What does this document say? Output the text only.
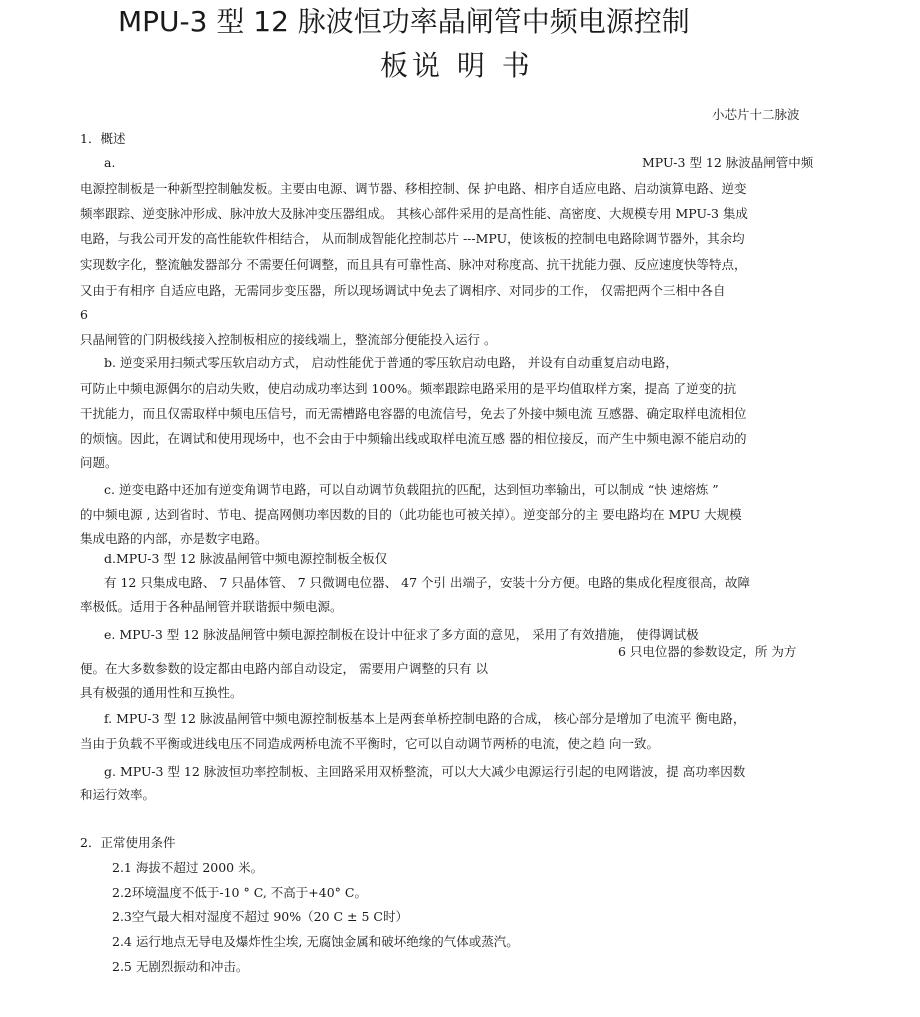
MPU-3 型 12 脉波恒功率晶闸管中频电源控制
板说 明 书
小芯片十二脉波
1．概述
a.	MPU-3 型 12 脉波晶闸管中频
电源控制板是一种新型控制触发板。主要由电源、调节器、移相控制、保 护电路、相序自适应电路、启动演算电路、逆变
频率跟踪、逆变脉冲形成、脉冲放大及脉冲变压器组成。 其核心部件采用的是高性能、高密度、大规模专用 MPU-3 集成
电路，与我公司开发的高性能软件相结合， 从而制成智能化控制芯片 ---MPU，使该板的控制电电路除调节器外，其余均
实现数字化，整流触发器部分 不需要任何调整，而且具有可靠性高、脉冲对称度高、抗干扰能力强、反应速度快等特点，
又由于有相序 自适应电路，无需同步变压器，所以现场调试中免去了调相序、对同步的工作， 仅需把两个三相中各自
6
只晶闸管的门阴极线接入控制板相应的接线端上，整流部分便能投入运行 。
b. 逆变采用扫频式零压软启动方式， 启动性能优于普通的零压软启动电路， 并设有自动重复启动电路，
可防止中频电源偶尔的启动失败，使启动成功率达到 100%。频率跟踪电路采用的是平均值取样方案，提高 了逆变的抗
干扰能力，而且仅需取样中频电压信号，而无需槽路电容器的电流信号，免去了外接中频电流 互感器、确定取样电流相位
的烦恼。因此，在调试和使用现场中，也不会由于中频输出线或取样电流互感 器的相位接反，而产生中频电源不能启动的
问题。
c. 逆变电路中还加有逆变角调节电路，可以自动调节负载阻抗的匹配，达到恒功率输出，可以制成 “快 速熔炼 ”
的中频电源 , 达到省时、节电、提高网侧功率因数的目的（此功能也可被关掉）。逆变部分的主 要电路均在 MPU 大规模
集成电路的内部，亦是数字电路。
d.MPU-3 型 12 脉波晶闸管中频电源控制板全板仅
有 12 只集成电路、 7 只晶体管、 7 只微调电位器、 47 个引 出端子，安装十分方便。电路的集成化程度很高，故障
率极低。适用于各种晶闸管并联谐振中频电源。
e. MPU-3 型 12 脉波晶闸管中频电源控制板在设计中征求了多方面的意见， 采用了有效措施， 使得调试极
6 只电位器的参数设定，所 为方
便。在大多数参数的设定都由电路内部自动设定， 需要用户调整的只有 以
具有极强的通用性和互换性。
f. MPU-3 型 12 脉波晶闸管中频电源控制板基本上是两套单桥控制电路的合成， 核心部分是增加了电流平 衡电路，
当由于负载不平衡或进线电压不同造成两桥电流不平衡时，它可以自动调节两桥的电流，使之趋 向一致。
g. MPU-3 型 12 脉波恒功率控制板、主回路采用双桥整流，可以大大减少电源运行引起的电网谐波，提 高功率因数
和运行效率。
2．正常使用条件
2.1 海拔不超过 2000 米。
2.2环境温度不低于-10 ° C, 不高于+40° C。
2.3空气最大相对湿度不超过 90%（20 C ± 5 C时）
2.4 运行地点无导电及爆炸性尘埃, 无腐蚀金属和破坏绝缘的气体或蒸汽。
2.5 无剧烈振动和冲击。
